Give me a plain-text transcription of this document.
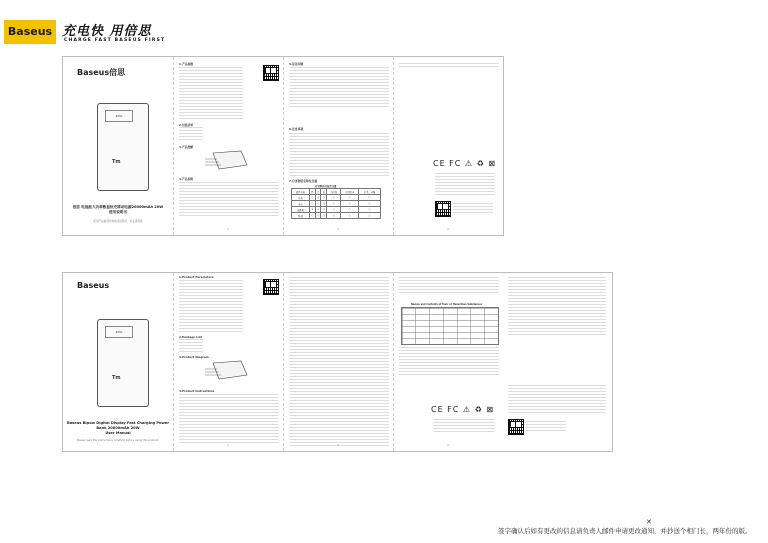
Baseus 充电快 用倍思
CHARGE FAST BASEUS FIRST
Baseus倍思
20%
Tm
倍思 电池能大功率数显快充移动电源20000mAh 20W
使用说明书
使用产品前请仔细阅读说明书，并妥善保管
1.产品参数
2.包装清单
3.产品图解
4.产品说明
5.常见问题
6.注意事项
7.有害物质名称及含量
有害物质名称及含量
部件名称	铅	汞	镉	六价铬	多溴联苯	多溴二苯醚
外壳	○	○	○	○	○	○
电芯	○	○	○	○	○	○
电路板	×	○	○	○	○	○
线材	○	○	○	○	○	○
CE FC ⚠ ♻ ⊠
1	2	3
Baseus
20%
Tm
Baseus Bipow Digital Display Fast Charging Power Bank 20000mAh 20W
User Manual
Please read the instructions carefully before using this product.
1.Product Parameters
2.Package List
3.Product Diagram
4.Product Instructions
Names and Contents of Toxic or Hazardous Substances
CE FC ⚠ ♻ ⊠
1	2	3
✕
签字确认后如有更改的信息请负责人邮件申请更改通知，并抄送个相门长，两年份的版。
